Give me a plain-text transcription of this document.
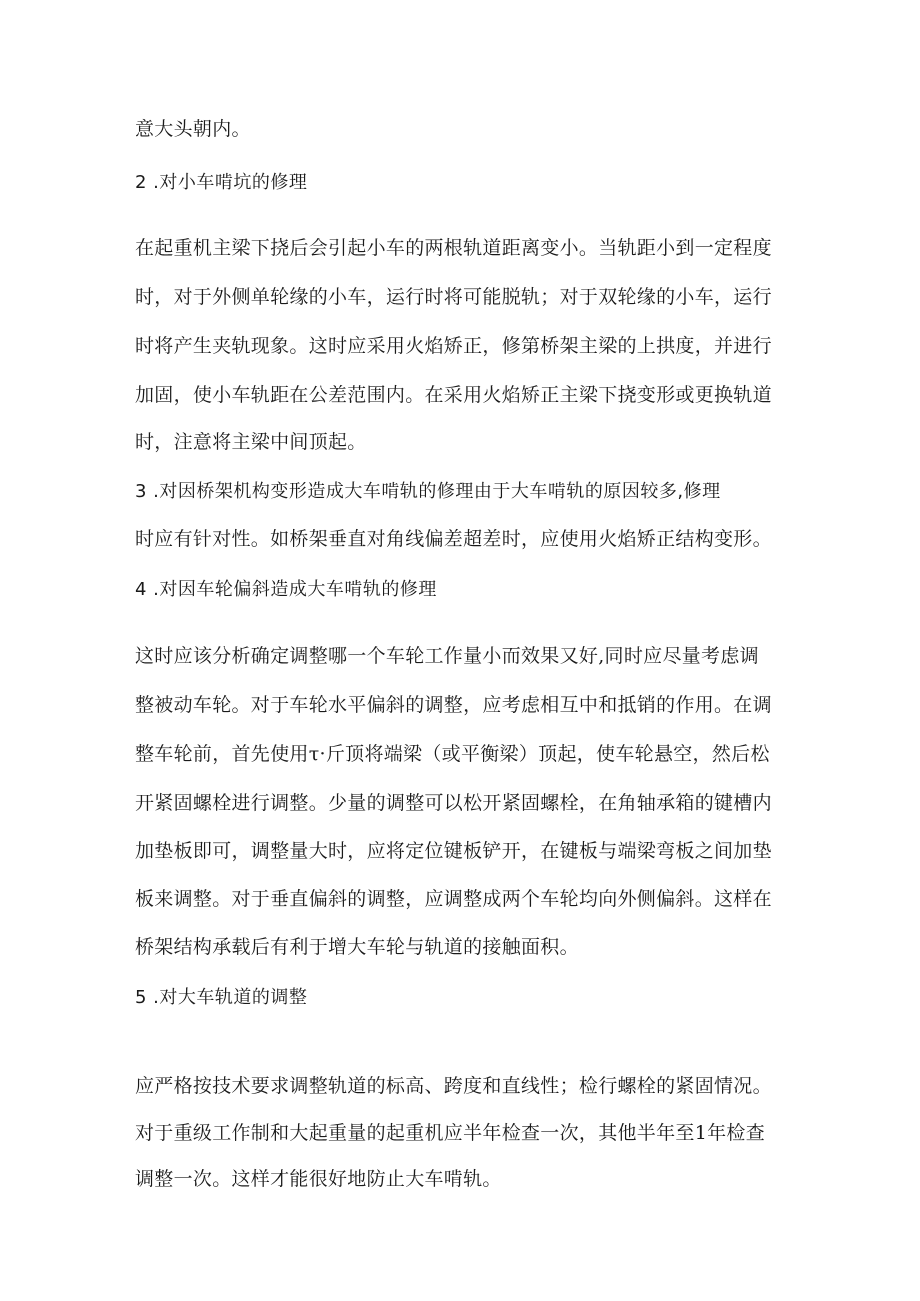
意大头朝内。

2 .对小车啃坑的修理

在起重机主梁下挠后会引起小车的两根轨道距离变小。当轨距小到一定程度

时，对于外侧单轮缘的小车，运行时将可能脱轨；对于双轮缘的小车，运行

时将产生夹轨现象。这时应采用火焰矫正，修第桥架主梁的上拱度，并进行

加固，使小车轨距在公差范围内。在采用火焰矫正主梁下挠变形或更换轨道

时，注意将主梁中间顶起。

3 .对因桥架机构变形造成大车啃轨的修理由于大车啃轨的原因较多,修理

时应有针对性。如桥架垂直对角线偏差超差时，应使用火焰矫正结构变形。

4 .对因车轮偏斜造成大车啃轨的修理

这时应该分析确定调整哪一个车轮工作量小而效果又好,同时应尽量考虑调

整被动车轮。对于车轮水平偏斜的调整，应考虑相互中和抵销的作用。在调

整车轮前，首先使用τ·斤顶将端梁（或平衡梁）顶起，使车轮悬空，然后松

开紧固螺栓进行调整。少量的调整可以松开紧固螺栓，在角轴承箱的键槽内

加垫板即可，调整量大时，应将定位键板铲开，在键板与端梁弯板之间加垫

板来调整。对于垂直偏斜的调整，应调整成两个车轮均向外侧偏斜。这样在

桥架结构承载后有利于增大车轮与轨道的接触面积。

5 .对大车轨道的调整

应严格按技术要求调整轨道的标高、跨度和直线性；检行螺栓的紧固情况。

对于重级工作制和大起重量的起重机应半年检查一次，其他半年至1年检查

调整一次。这样才能很好地防止大车啃轨。
